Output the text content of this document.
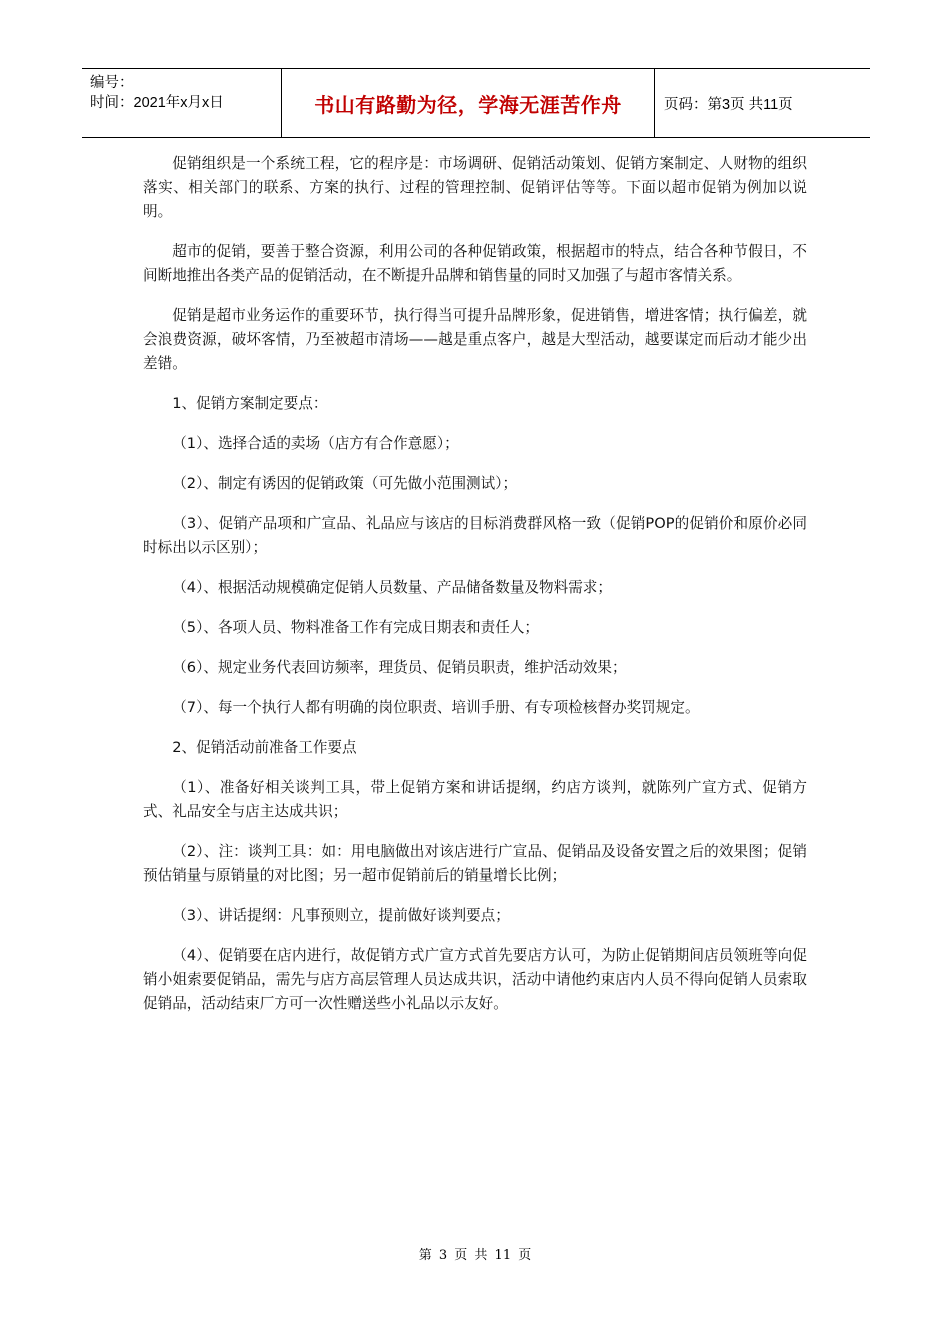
编号：
时间：2021年x月x日	书山有路勤为径，学海无涯苦作舟	页码：第3页 共11页

促销组织是一个系统工程，它的程序是：市场调研、促销活动策划、促销方案制定、人财物的组织落实、相关部门的联系、方案的执行、过程的管理控制、促销评估等等。下面以超市促销为例加以说明。

超市的促销，要善于整合资源，利用公司的各种促销政策，根据超市的特点，结合各种节假日，不间断地推出各类产品的促销活动，在不断提升品牌和销售量的同时又加强了与超市客情关系。

促销是超市业务运作的重要环节，执行得当可提升品牌形象，促进销售，增进客情；执行偏差，就会浪费资源，破坏客情，乃至被超市清场——越是重点客户，越是大型活动，越要谋定而后动才能少出差错。

1、促销方案制定要点：

（1）、选择合适的卖场（店方有合作意愿）；

（2）、制定有诱因的促销政策（可先做小范围测试）；

（3）、促销产品项和广宣品、礼品应与该店的目标消费群风格一致（促销POP的促销价和原价必同时标出以示区别）；

（4）、根据活动规模确定促销人员数量、产品储备数量及物料需求；

（5）、各项人员、物料准备工作有完成日期表和责任人；

（6）、规定业务代表回访频率，理货员、促销员职责，维护活动效果；

（7）、每一个执行人都有明确的岗位职责、培训手册、有专项检核督办奖罚规定。

2、促销活动前准备工作要点

（1）、准备好相关谈判工具，带上促销方案和讲话提纲，约店方谈判，就陈列广宣方式、促销方式、礼品安全与店主达成共识；

（2）、注：谈判工具：如：用电脑做出对该店进行广宣品、促销品及设备安置之后的效果图；促销预估销量与原销量的对比图；另一超市促销前后的销量增长比例；

（3）、讲话提纲：凡事预则立，提前做好谈判要点；

（4）、促销要在店内进行，故促销方式广宣方式首先要店方认可，为防止促销期间店员领班等向促销小姐索要促销品，需先与店方高层管理人员达成共识，活动中请他约束店内人员不得向促销人员索取促销品，活动结束厂方可一次性赠送些小礼品以示友好。

第 3 页 共 11 页
